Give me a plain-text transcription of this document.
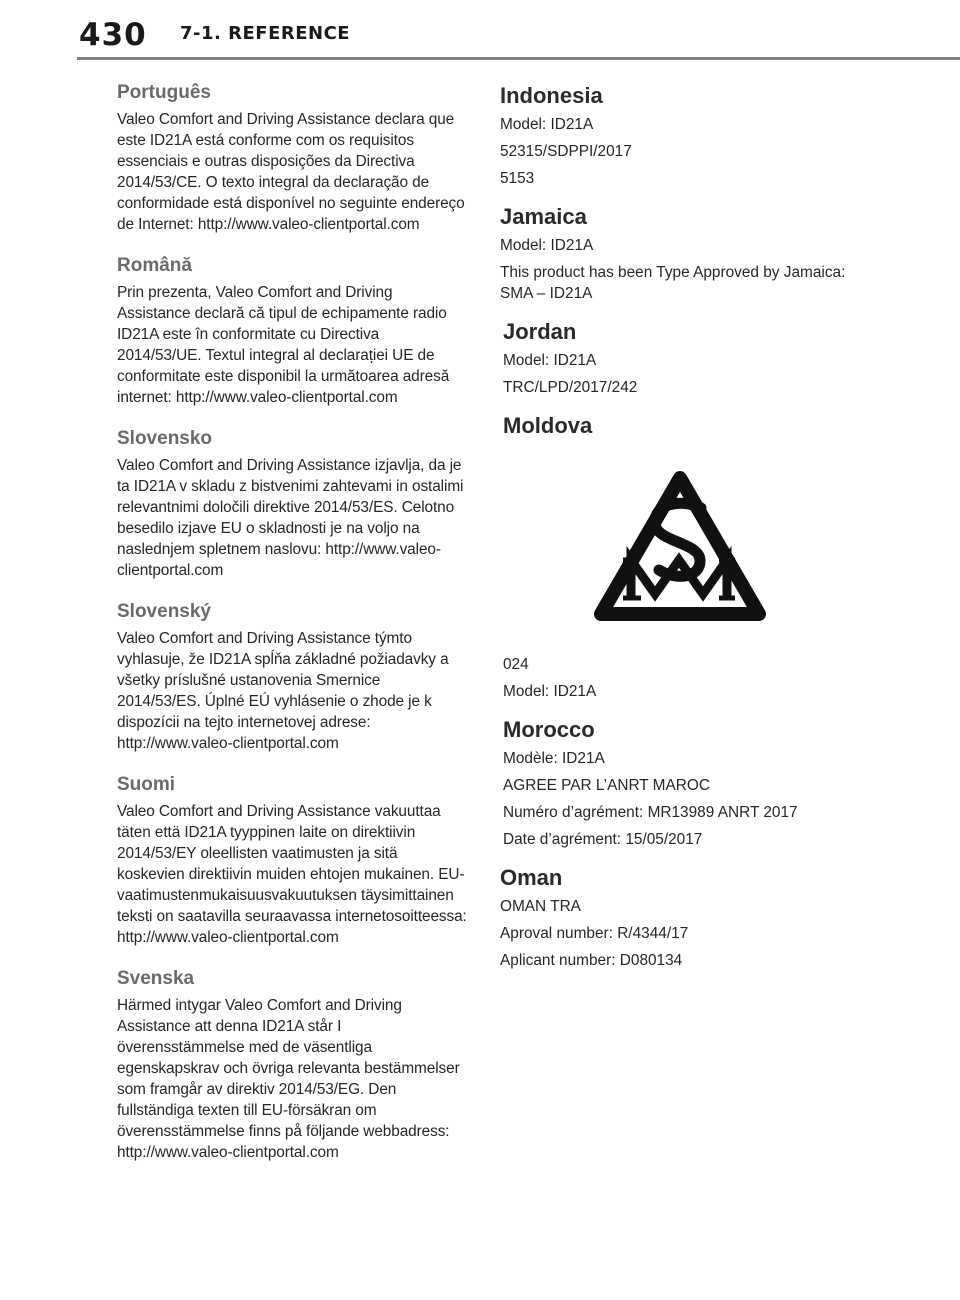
430 7-1. REFERENCE
Português

Valeo Comfort and Driving Assistance declara que este ID21A está conforme com os requisitos essenciais e outras disposições da Directiva 2014/53/CE. O texto integral da declaração de conformidade está disponível no seguinte endereço de Internet: http://www.valeo-clientportal.com

Română

Prin prezenta, Valeo Comfort and Driving Assistance declară că tipul de echipamente radio ID21A este în conformitate cu Directiva 2014/53/UE. Textul integral al declarației UE de conformitate este disponibil la următoarea adresă internet: http://www.valeo-clientportal.com

Slovensko

Valeo Comfort and Driving Assistance izjavlja, da je ta ID21A v skladu z bistvenimi zahtevami in ostalimi relevantnimi določili direktive 2014/53/ES. Celotno besedilo izjave EU o skladnosti je na voljo na naslednjem spletnem naslovu: http://www.valeo-clientportal.com

Slovenský

Valeo Comfort and Driving Assistance týmto vyhlasuje, že ID21A spĺňa základné požiadavky a všetky príslušné ustanovenia Smernice 2014/53/ES. Úplné EÚ vyhlásenie o zhode je k dispozícii na tejto internetovej adrese: http://www.valeo-clientportal.com

Suomi

Valeo Comfort and Driving Assistance vakuuttaa täten että ID21A tyyppinen laite on direktiivin 2014/53/EY oleellisten vaatimusten ja sitä koskevien direktiivin muiden ehtojen mukainen. EU-vaatimustenmukaisuusvakuutuksen täysimittainen teksti on saatavilla seuraavassa internetosoitteessa: http://www.valeo-clientportal.com

Svenska

Härmed intygar Valeo Comfort and Driving Assistance att denna ID21A står I överensstämmelse med de väsentliga egenskapskrav och övriga relevanta bestämmelser som framgår av direktiv 2014/53/EG. Den fullständiga texten till EU-försäkran om överensstämmelse finns på följande webbadress: http://www.valeo-clientportal.com

Indonesia

Model: ID21A

52315/SDPPI/2017

5153

Jamaica

Model: ID21A

This product has been Type Approved by Jamaica: SMA – ID21A

Jordan

Model: ID21A

TRC/LPD/2017/242

Moldova

024

Model: ID21A

Morocco

Modèle: ID21A

AGREE PAR L’ANRT MAROC

Numéro d’agrément: MR13989 ANRT 2017

Date d’agrément: 15/05/2017

Oman

OMAN TRA

Aproval number: R/4344/17

Aplicant number: D080134
